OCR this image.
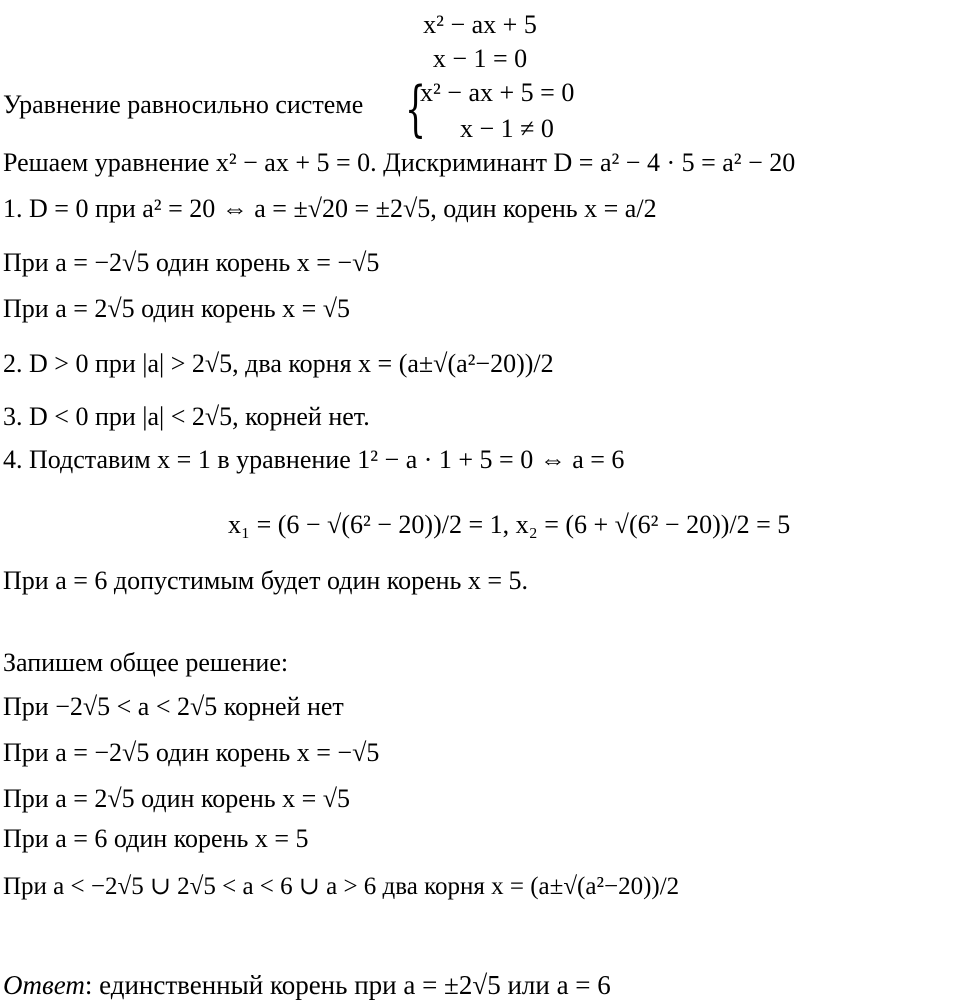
x² − ax + 5
x − 1 = 0
Уравнение равносильно системе {
x² − ax + 5 = 0
x − 1 ≠ 0
Решаем уравнение x² − ax + 5 = 0. Дискриминант D = a² − 4 · 5 = a² − 20
1. D = 0 при a² = 20 ⇔ a = ±√20 = ±2√5, один корень x = a/2
При a = −2√5 один корень x = −√5
При a = 2√5 один корень x = √5
2. D > 0 при |a| > 2√5, два корня x = (a±√(a²−20))/2
3. D < 0 при |a| < 2√5, корней нет.
4. Подставим x = 1 в уравнение 1² − a · 1 + 5 = 0 ⇔ a = 6
x₁ = (6 − √(6² − 20))/2 = 1, x₂ = (6 + √(6² − 20))/2 = 5
При a = 6 допустимым будет один корень x = 5.
Запишем общее решение:
При −2√5 < a < 2√5 корней нет
При a = −2√5 один корень x = −√5
При a = 2√5 один корень x = √5
При a = 6 один корень x = 5
При a < −2√5 ∪ 2√5 < a < 6 ∪ a > 6 два корня x = (a±√(a²−20))/2
Ответ: единственный корень при a = ±2√5 или a = 6
